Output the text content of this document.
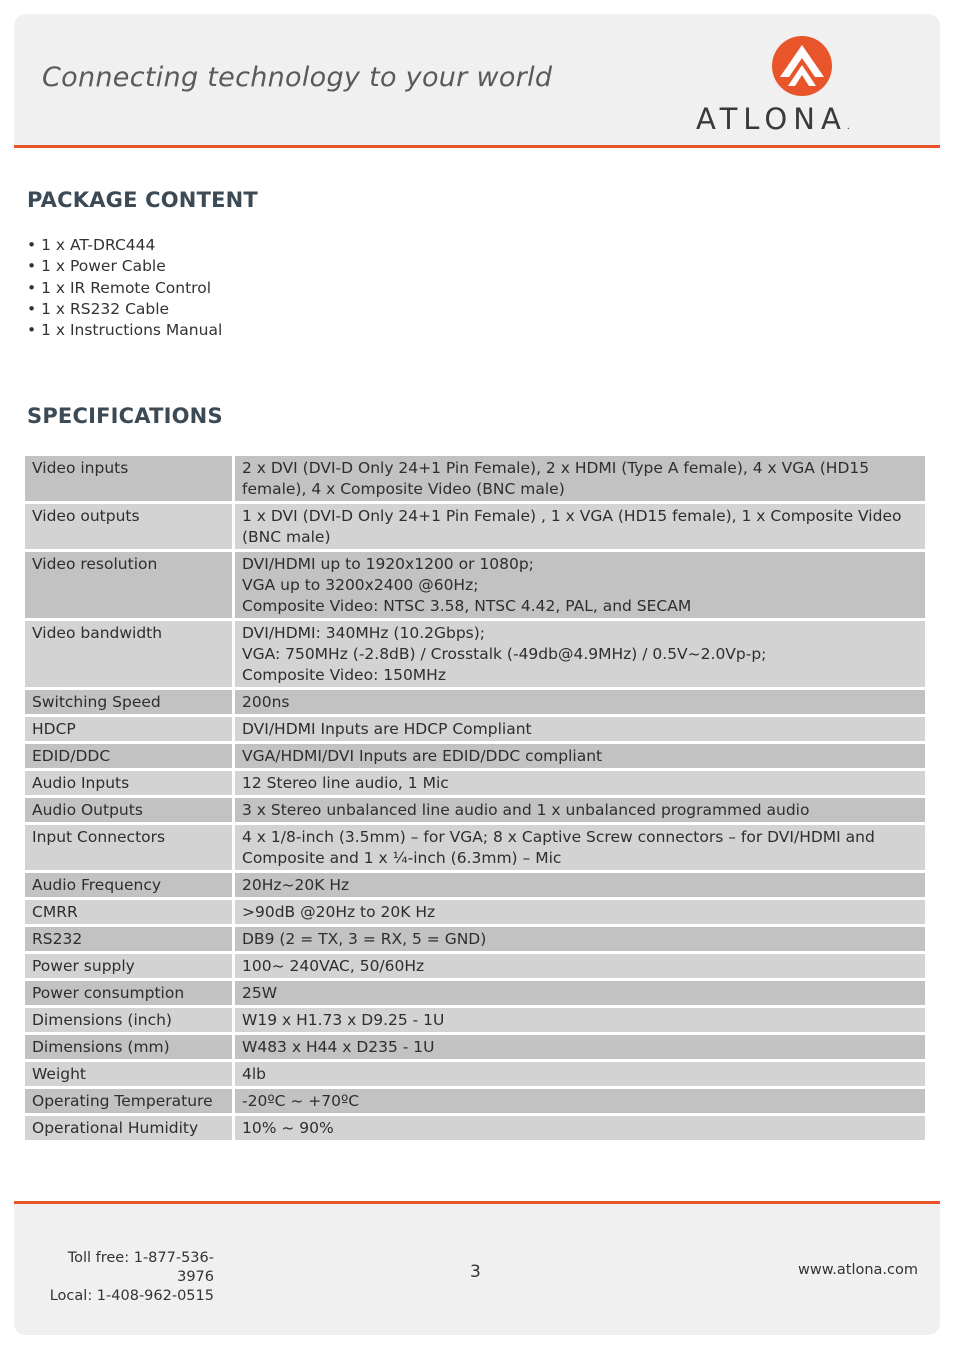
Connecting technology to your world
ATLONA.
PACKAGE CONTENT
• 1 x AT-DRC444
• 1 x Power Cable
• 1 x IR Remote Control
• 1 x RS232 Cable
• 1 x Instructions Manual
SPECIFICATIONS
Video inputs	2 x DVI (DVI-D Only 24+1 Pin Female), 2 x HDMI (Type A female), 4 x VGA (HD15 female), 4 x Composite Video (BNC male)
Video outputs	1 x DVI (DVI-D Only 24+1 Pin Female) , 1 x VGA (HD15 female), 1 x Composite Video (BNC male)
Video resolution	DVI/HDMI up to 1920x1200 or 1080p;
VGA up to 3200x2400 @60Hz;
Composite Video: NTSC 3.58, NTSC 4.42, PAL, and SECAM
Video bandwidth	DVI/HDMI: 340MHz (10.2Gbps);
VGA: 750MHz (-2.8dB) / Crosstalk (-49db@4.9MHz) / 0.5V~2.0Vp-p;
Composite Video: 150MHz
Switching Speed	200ns
HDCP	DVI/HDMI Inputs are HDCP Compliant
EDID/DDC	VGA/HDMI/DVI Inputs are EDID/DDC compliant
Audio Inputs	12 Stereo line audio, 1 Mic
Audio Outputs	3 x Stereo unbalanced line audio and 1 x unbalanced programmed audio
Input Connectors	4 x 1/8-inch (3.5mm) – for VGA; 8 x Captive Screw connectors – for DVI/HDMI and Composite and 1 x ¼-inch (6.3mm) – Mic
Audio Frequency	20Hz~20K Hz
CMRR	>90dB @20Hz to 20K Hz
RS232	DB9 (2 = TX, 3 = RX, 5 = GND)
Power supply	100~ 240VAC, 50/60Hz
Power consumption	25W
Dimensions (inch)	W19 x H1.73 x D9.25 - 1U
Dimensions (mm)	W483 x H44 x D235 - 1U
Weight	4lb
Operating Temperature	-20ºC ~ +70ºC
Operational Humidity	10% ~ 90%
Toll free: 1-877-536-3976
Local: 1-408-962-0515
3	www.atlona.com
